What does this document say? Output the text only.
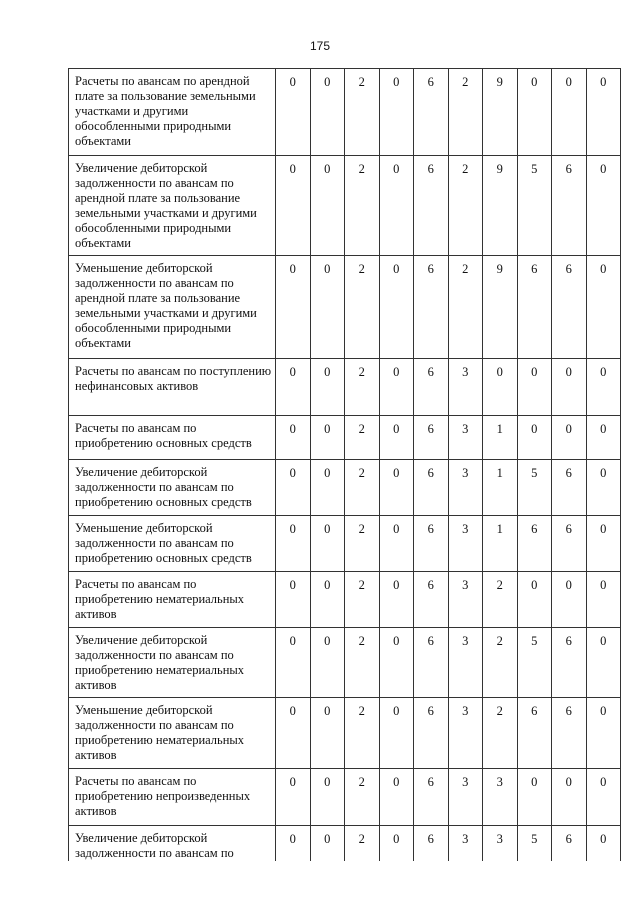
175
Расчеты по авансам по арендной плате за пользование земельными участками и другими обособленными природными объектами	0	0	2	0	6	2	9	0	0	0
Увеличение дебиторской задолженности по авансам по арендной плате за пользование земельными участками и другими обособленными природными объектами	0	0	2	0	6	2	9	5	6	0
Уменьшение дебиторской задолженности по авансам по арендной плате за пользование земельными участками и другими обособленными природными объектами	0	0	2	0	6	2	9	6	6	0
Расчеты по авансам по поступлению нефинансовых активов	0	0	2	0	6	3	0	0	0	0
Расчеты по авансам по приобретению основных средств	0	0	2	0	6	3	1	0	0	0
Увеличение дебиторской задолженности по авансам по приобретению основных средств	0	0	2	0	6	3	1	5	6	0
Уменьшение дебиторской задолженности по авансам по приобретению основных средств	0	0	2	0	6	3	1	6	6	0
Расчеты по авансам по приобретению нематериальных активов	0	0	2	0	6	3	2	0	0	0
Увеличение дебиторской задолженности по авансам по приобретению нематериальных активов	0	0	2	0	6	3	2	5	6	0
Уменьшение дебиторской задолженности по авансам по приобретению нематериальных активов	0	0	2	0	6	3	2	6	6	0
Расчеты по авансам по приобретению непроизведенных активов	0	0	2	0	6	3	3	0	0	0
Увеличение дебиторской задолженности по авансам по	0	0	2	0	6	3	3	5	6	0
